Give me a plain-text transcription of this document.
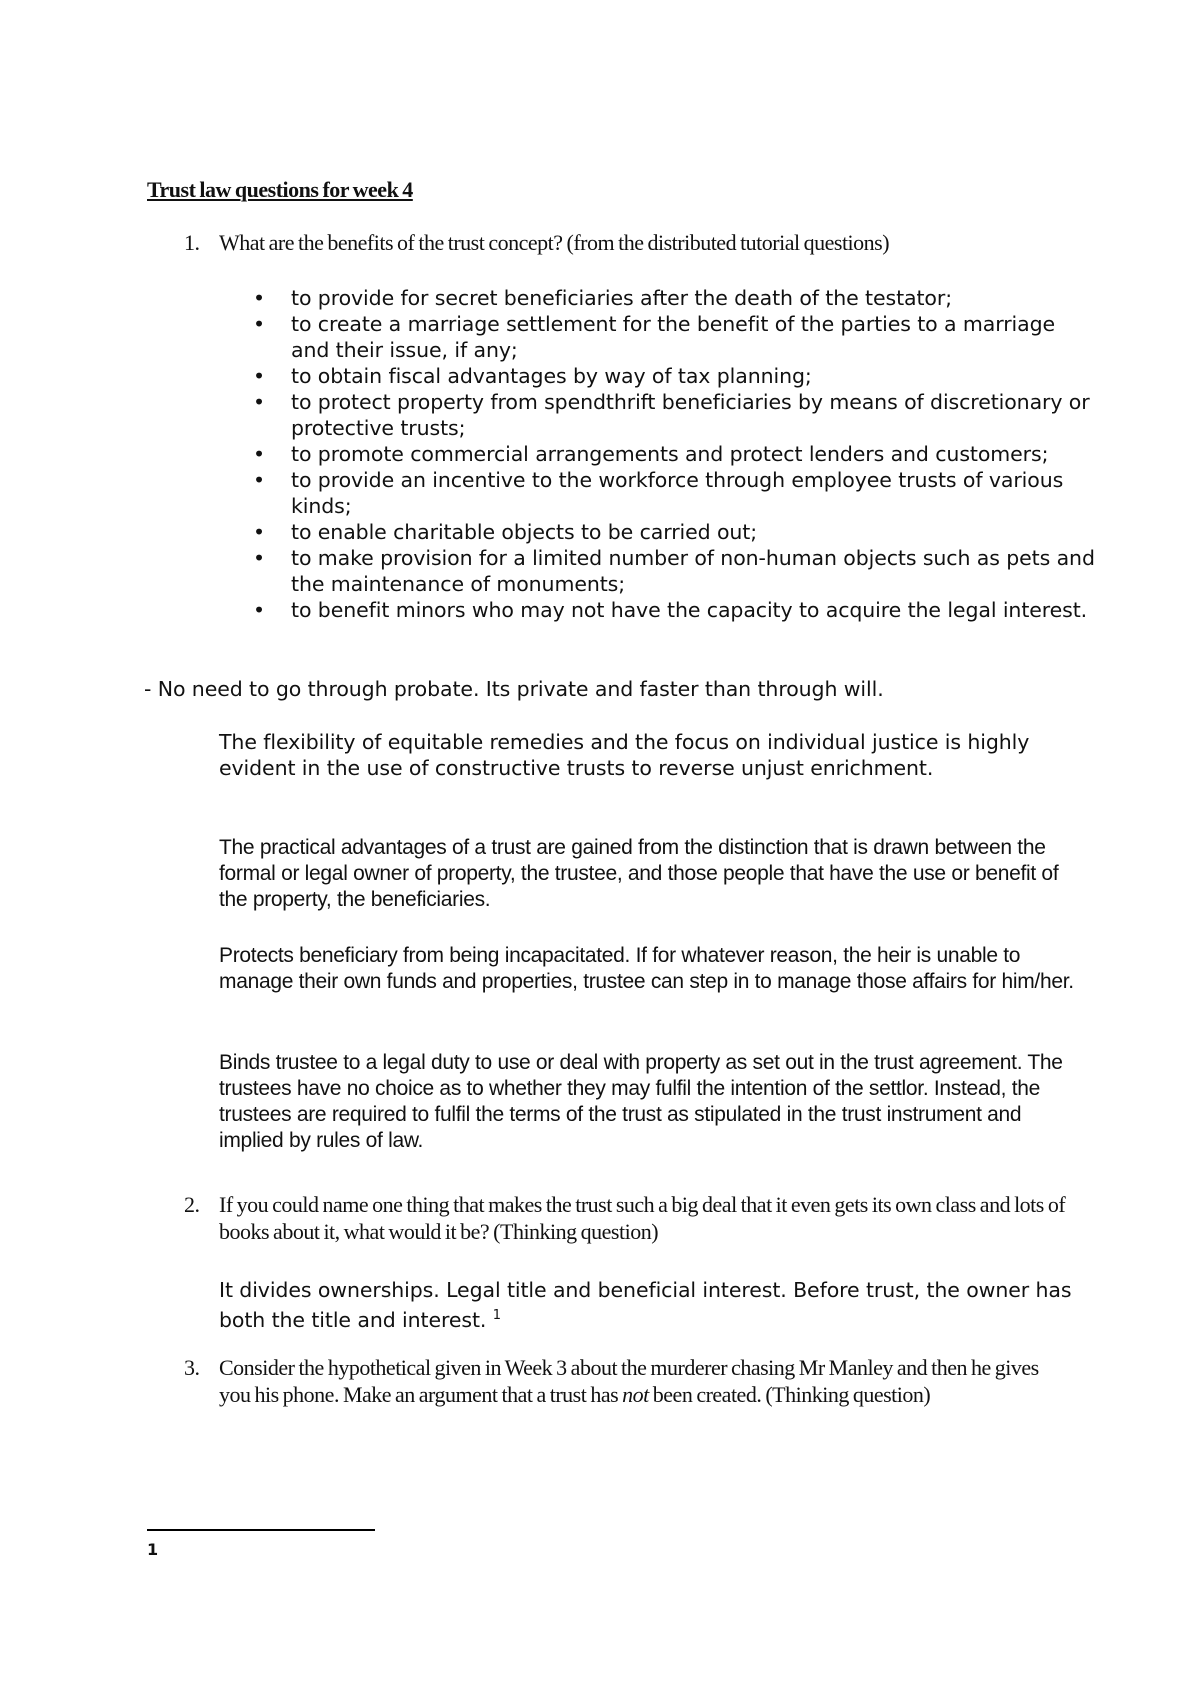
Trust law questions for week 4
1. What are the benefits of the trust concept? (from the distributed tutorial questions)
• to provide for secret beneficiaries after the death of the testator;
• to create a marriage settlement for the benefit of the parties to a marriage and their issue, if any;
• to obtain fiscal advantages by way of tax planning;
• to protect property from spendthrift beneficiaries by means of discretionary or protective trusts;
• to promote commercial arrangements and protect lenders and customers;
• to provide an incentive to the workforce through employee trusts of various kinds;
• to enable charitable objects to be carried out;
• to make provision for a limited number of non-human objects such as pets and the maintenance of monuments;
• to benefit minors who may not have the capacity to acquire the legal interest.
- No need to go through probate. Its private and faster than through will.
The flexibility of equitable remedies and the focus on individual justice is highly evident in the use of constructive trusts to reverse unjust enrichment.
The practical advantages of a trust are gained from the distinction that is drawn between the formal or legal owner of property, the trustee, and those people that have the use or benefit of the property, the beneficiaries.
Protects beneficiary from being incapacitated. If for whatever reason, the heir is unable to manage their own funds and properties, trustee can step in to manage those affairs for him/her.
Binds trustee to a legal duty to use or deal with property as set out in the trust agreement. The trustees have no choice as to whether they may fulfil the intention of the settlor. Instead, the trustees are required to fulfil the terms of the trust as stipulated in the trust instrument and implied by rules of law.
2. If you could name one thing that makes the trust such a big deal that it even gets its own class and lots of books about it, what would it be? (Thinking question)
It divides ownerships. Legal title and beneficial interest. Before trust, the owner has both the title and interest. $^1$
3. Consider the hypothetical given in Week 3 about the murderer chasing Mr Manley and then he gives you his phone. Make an argument that a trust has not been created. (Thinking question)
1
